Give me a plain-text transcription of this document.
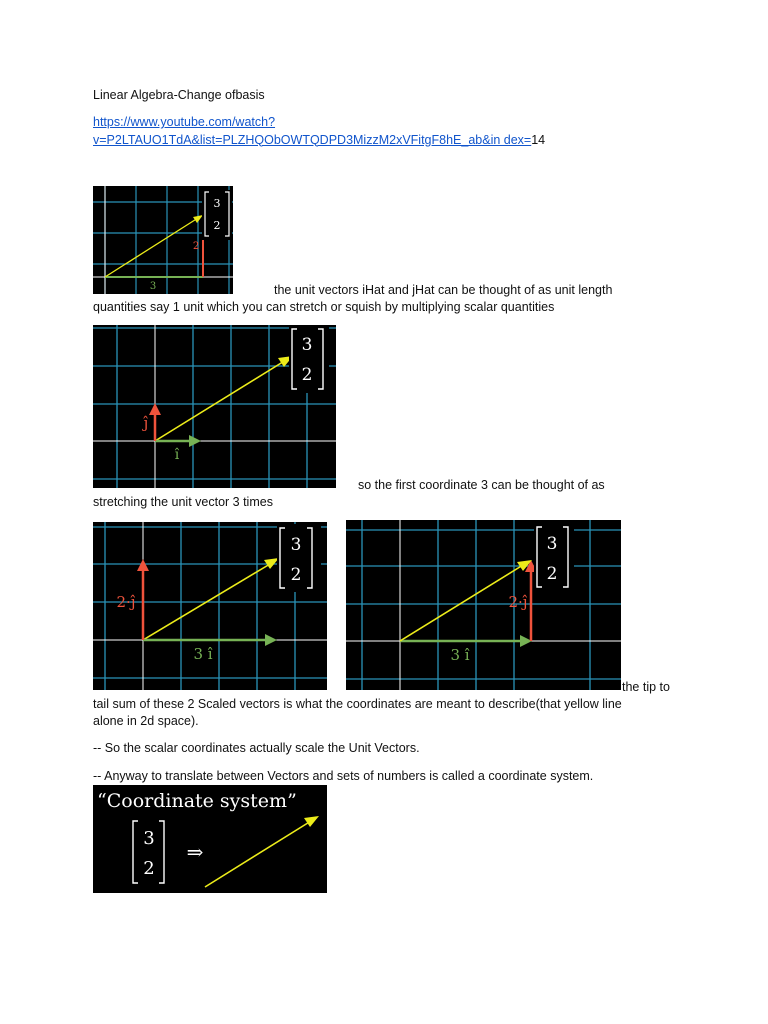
Linear Algebra-Change ofbasis
https://www.youtube.com/watch?
v=P2LTAUO1TdA&list=PLZHQObOWTQDPD3MizzM2xVFitgF8hE_ab&in dex=14
3
2
3
2
the unit vectors iHat and jHat can be thought of as unit length
quantities say 1 unit which you can stretch or squish by multiplying scalar quantities
3
2
î
ĵ
so the first coordinate 3 can be thought of as
stretching the unit vector 3 times
3
2
3 î
2·ĵ
3
2
3 î
2·ĵ
the tip to
tail sum of these 2 Scaled vectors is what the coordinates are meant to describe(that yellow line
alone in 2d space).
-- So the scalar coordinates actually scale the Unit Vectors.
-- Anyway to translate between Vectors and sets of numbers is called a coordinate system.
“Coordinate system”
3
2
⇒
